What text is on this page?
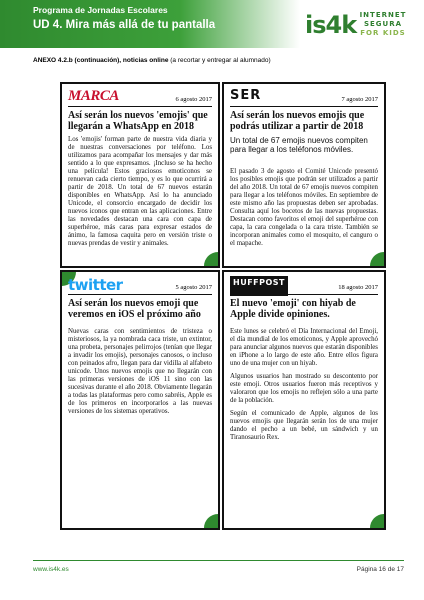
Programa de Jornadas Escolares
UD 4. Mira más allá de tu pantalla	is4k INTERNET
SEGURA
FOR KIDS
ANEXO 4.2.b (continuación), noticias online (a recortar y entregar al alumnado)
MARCA	6 agosto 2017
Así serán los nuevos 'emojis' que llegarán a WhatsApp en 2018

Los 'emojis' forman parte de nuestra vida diaria y de nuestras conversaciones por teléfono. Los utilizamos para acompañar los mensajes y dar más sentido a lo que expresamos. ¡Incluso se ha hecho una película! Estos graciosos emoticonos se renuevan cada cierto tiempo, y es lo que ocurrirá a partir de 2018. Un total de 67 nuevos estarán disponibles en WhatsApp. Así lo ha anunciado Unicode, el consorcio encargado de decidir los nuevos iconos que entran en las aplicaciones. Entre las novedades destacan una cara con capa de superhéroe, más caras para expresar estados de ánimo, la famosa caquita pero en versión triste o nuevas prendas de vestir y animales.

SER	7 agosto 2017
Así serán los nuevos emojis que podrás utilizar a partir de 2018
Un total de 67 emojis nuevos compiten para llegar a los teléfonos móviles.

El pasado 3 de agosto el Comité Unicode presentó los posibles emojis que podrán ser utilizados a partir del año 2018. Un total de 67 emojis nuevos compiten para llegar a los teléfonos móviles. En septiembre de este mismo año las propuestas deben ser aprobadas. Consulta aquí los bocetos de las nuevas propuestas. Destacan como favoritos el emoji del superhéroe con capa, la cara congelada o la cara triste. También se incorporan animales como el mosquito, el canguro o el mapache.

twitter	5 agosto 2017
Así serán los nuevos emoji que veremos en iOS el próximo año

Nuevas caras con sentimientos de tristeza o misteriosos, la ya nombrada caca triste, un extintor, una probeta, personajes pelirrojos (tenían que llegar a invadir los emojis), personajes canosos, o incluso con peinados afro, llegan para dar vidilla al alfabeto unicode. Unos nuevos emojis que no llegarán con las primeras versiones de iOS 11 sino con las sucesivas durante el año 2018. Obviamente llegarán a todas las plataformas pero como sabréis, Apple es de los primeros en incorporarlos a las nuevas versiones de los sistemas operativos.

HUFFPOST
18 agosto 2017
El nuevo 'emoji' con hiyab de Apple divide opiniones.

Este lunes se celebró el Día Internacional del Emoji, el día mundial de los emoticonos, y Apple aprovechó para anunciar algunos nuevos que estarán disponibles en iPhone a lo largo de este año. Entre ellos figura uno de una mujer con un hiyab.

Algunos usuarios han mostrado su descontento por este emoji. Otros usuarios fueron más receptivos y valoraron que los emojis no reflejen sólo a una parte de la población.

Según el comunicado de Apple, algunos de los nuevos emojis que llegarán serán los de una mujer dando el pecho a un bebé, un sándwich y un Tiranosaurio Rex.

www.is4k.es	Página 16 de 17
